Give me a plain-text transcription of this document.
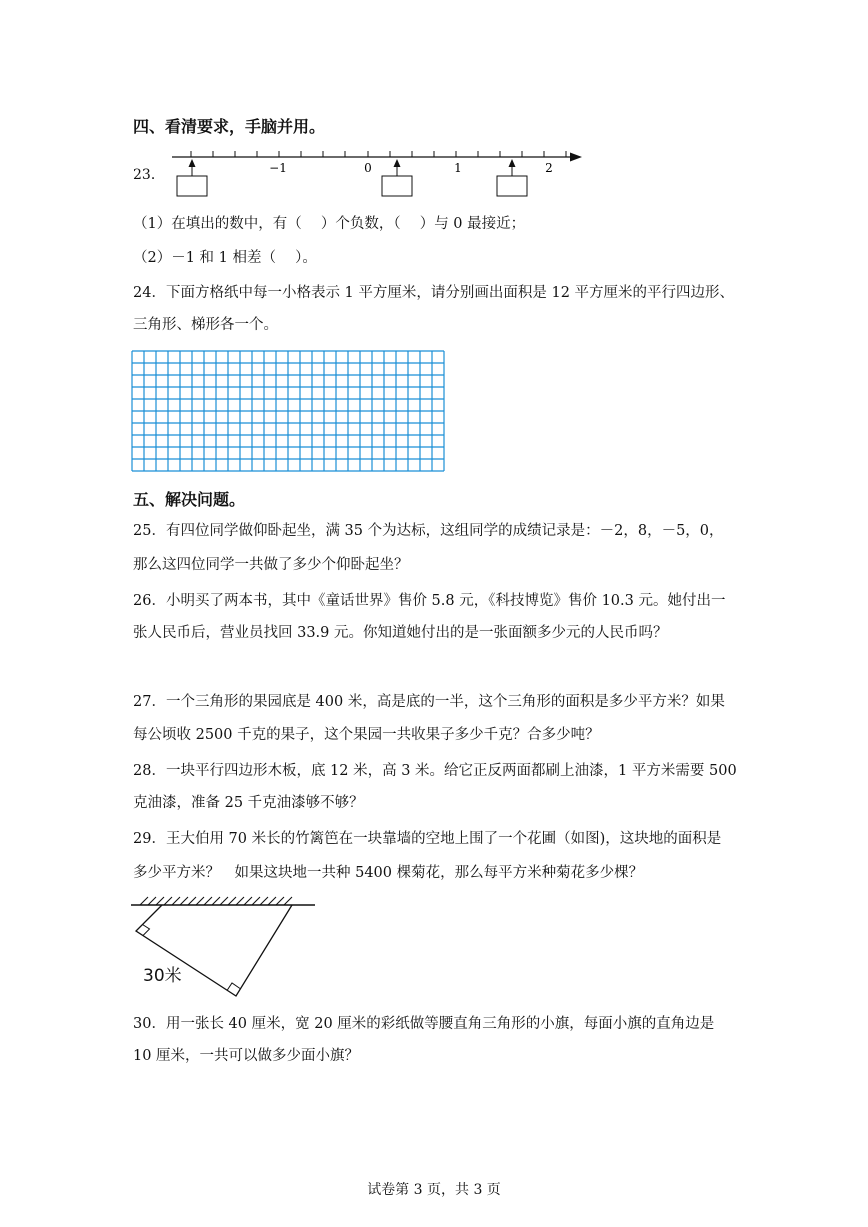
四、看清要求，手脑并用。
23．	−1	0	1	2
（1）在填出的数中，有（　 ）个负数，（　 ）与 0 最接近；
（2）－1 和 1 相差（　 ）。
24．下面方格纸中每一小格表示 1 平方厘米，请分别画出面积是 12 平方厘米的平行四边形、
三角形、梯形各一个。
五、解决问题。
25．有四位同学做仰卧起坐，满 35 个为达标，这组同学的成绩记录是：－2，8，－5，0，
那么这四位同学一共做了多少个仰卧起坐？
26．小明买了两本书，其中《童话世界》售价 5.8 元，《科技博览》售价 10.3 元。她付出一
张人民币后，营业员找回 33.9 元。你知道她付出的是一张面额多少元的人民币吗？
27．一个三角形的果园底是 400 米，高是底的一半，这个三角形的面积是多少平方米？如果
每公顷收 2500 千克的果子，这个果园一共收果子多少千克？合多少吨？
28．一块平行四边形木板，底 12 米，高 3 米。给它正反两面都刷上油漆，1 平方米需要 500
克油漆，准备 25 千克油漆够不够？
29．王大伯用 70 米长的竹篱笆在一块靠墙的空地上围了一个花圃（如图)，这块地的面积是
多少平方米？　如果这块地一共种 5400 棵菊花，那么每平方米种菊花多少棵？
30米
30．用一张长 40 厘米，宽 20 厘米的彩纸做等腰直角三角形的小旗，每面小旗的直角边是
10 厘米，一共可以做多少面小旗？
试卷第 3 页，共 3 页
